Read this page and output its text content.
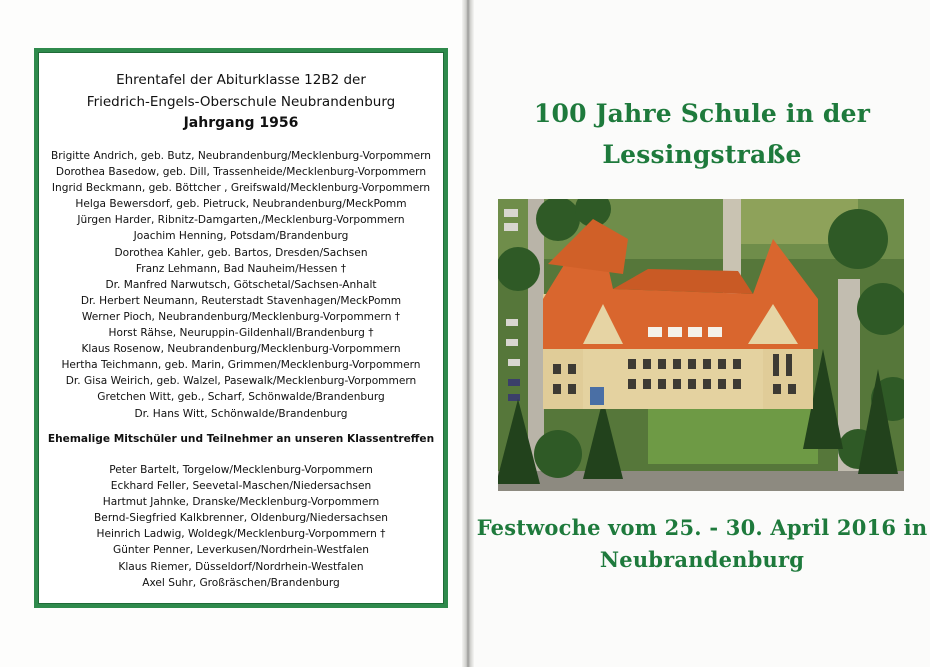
Ehrentafel der Abiturklasse 12B2 der
Friedrich-Engels-Oberschule Neubrandenburg
Jahrgang 1956
Brigitte Andrich, geb. Butz, Neubrandenburg/Mecklenburg-Vorpommern
Dorothea Basedow, geb. Dill, Trassenheide/Mecklenburg-Vorpommern
Ingrid Beckmann, geb. Böttcher , Greifswald/Mecklenburg-Vorpommern
Helga Bewersdorf, geb. Pietruck, Neubrandenburg/MeckPomm
Jürgen Harder, Ribnitz-Damgarten,/Mecklenburg-Vorpommern
Joachim Henning, Potsdam/Brandenburg
Dorothea Kahler, geb. Bartos, Dresden/Sachsen
Franz Lehmann, Bad Nauheim/Hessen †
Dr. Manfred Narwutsch, Götschetal/Sachsen-Anhalt
Dr. Herbert Neumann, Reuterstadt Stavenhagen/MeckPomm
Werner Pioch, Neubrandenburg/Mecklenburg-Vorpommern †
Horst Rähse, Neuruppin-Gildenhall/Brandenburg †
Klaus Rosenow, Neubrandenburg/Mecklenburg-Vorpommern
Hertha Teichmann, geb. Marin, Grimmen/Mecklenburg-Vorpommern
Dr. Gisa Weirich, geb. Walzel, Pasewalk/Mecklenburg-Vorpommern
Gretchen Witt, geb., Scharf, Schönwalde/Brandenburg
Dr. Hans Witt, Schönwalde/Brandenburg
Ehemalige Mitschüler und Teilnehmer an unseren Klassentreffen
Peter Bartelt, Torgelow/Mecklenburg-Vorpommern
Eckhard Feller, Seevetal-Maschen/Niedersachsen
Hartmut Jahnke, Dranske/Mecklenburg-Vorpommern
Bernd-Siegfried Kalkbrenner, Oldenburg/Niedersachsen
Heinrich Ladwig, Woldegk/Mecklenburg-Vorpommern †
Günter Penner, Leverkusen/Nordrhein-Westfalen
Klaus Riemer, Düsseldorf/Nordrhein-Westfalen
Axel Suhr, Großräschen/Brandenburg
100 Jahre Schule in der
Lessingstraße
Festwoche vom 25. - 30. April 2016 in
Neubrandenburg
